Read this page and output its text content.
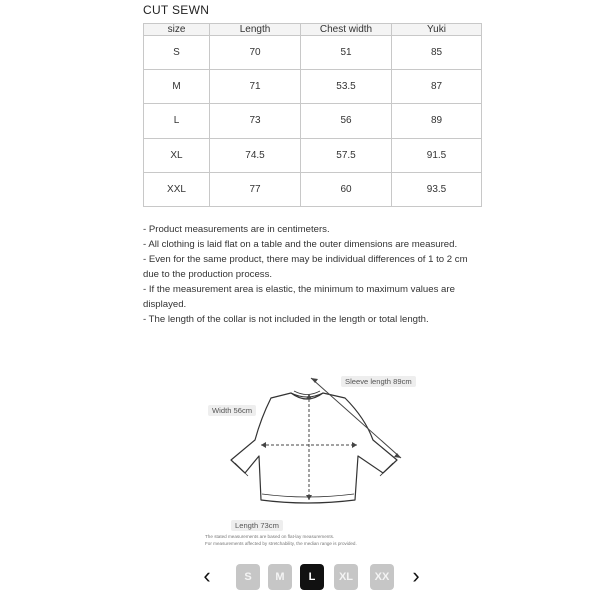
CUT SEWN
size	Length	Chest width	Yuki
S	70	51	85
M	71	53.5	87
L	73	56	89
XL	74.5	57.5	91.5
XXL	77	60	93.5
- Product measurements are in centimeters.
- All clothing is laid flat on a table and the outer dimensions are measured.
- Even for the same product, there may be individual differences of 1 to 2 cm due to the production process.
- If the measurement area is elastic, the minimum to maximum values are displayed.
- The length of the collar is not included in the length or total length.
Sleeve length 89cm
Width 56cm
Length 73cm
The stated measurements are based on flat-lay measurements.
For measurements affected by stretchability, the median range is provided.
‹	S	M	L	XL	XX	›
